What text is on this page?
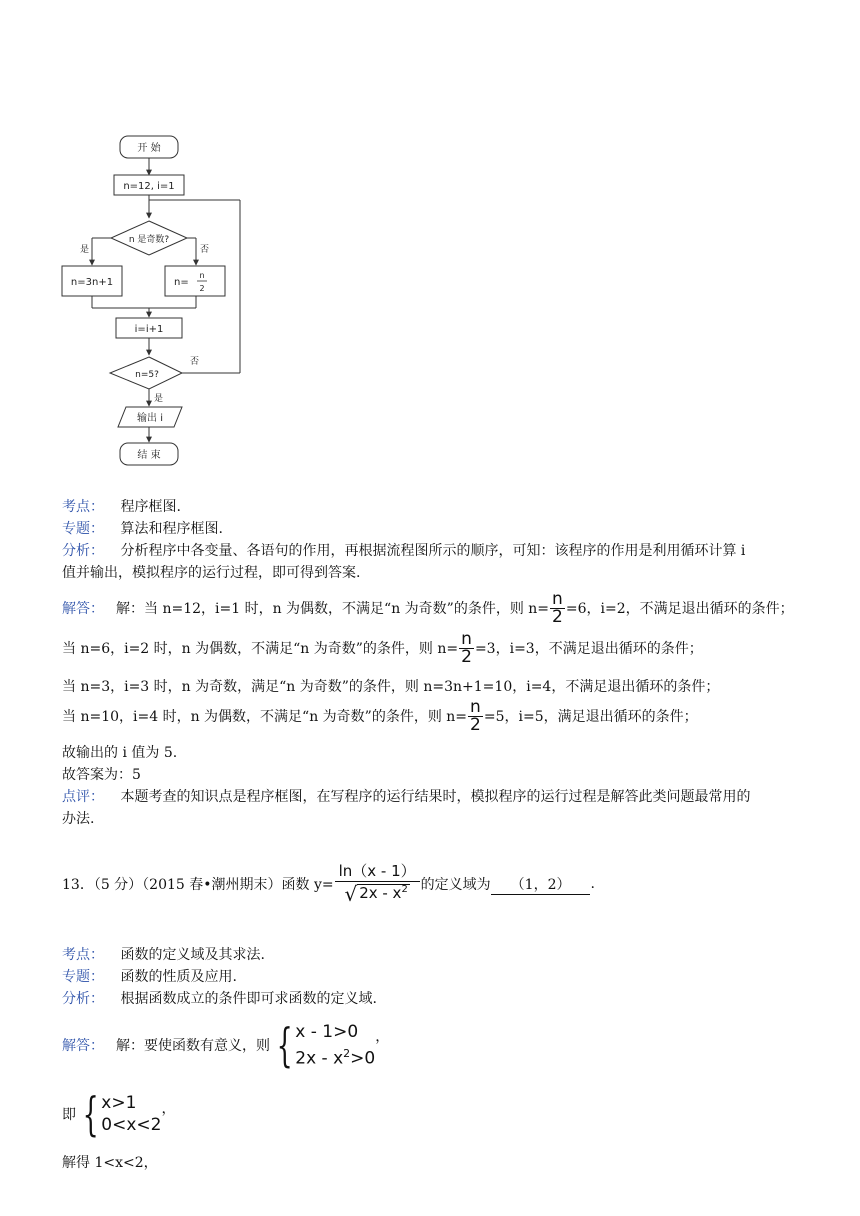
开 始
n=12, i=1
n 是奇数?
是	否
n=3n+1	n=
n
2
i=i+1
n=5?
否
是
输出 i
结 束
考点： 程序框图.
专题： 算法和程序框图.
分析： 分析程序中各变量、各语句的作用，再根据流程图所示的顺序，可知：该程序的作用是利用循环计算 i
值并输出，模拟程序的运行过程，即可得到答案.
解答： 解：当 n=12，i=1 时，n 为偶数，不满足“n 为奇数”的条件，则 $n= \frac{n}{2} =6$，i=2，不满足退出循环的条件；
当 n=6，i=2 时，n 为偶数，不满足“n 为奇数”的条件，则 $n= \frac{n}{2} =3$，i=3，不满足退出循环的条件；
当 n=3，i=3 时，n 为奇数，满足“n 为奇数”的条件，则 n=3n+1=10，i=4，不满足退出循环的条件；
当 n=10，i=4 时，n 为偶数，不满足“n 为奇数”的条件，则 $n= \frac{n}{2} =5$，i=5，满足退出循环的条件；
故输出的 i 值为 5.
故答案为：5
点评： 本题考查的知识点是程序框图，在写程序的运行结果时，模拟程序的运行过程是解答此类问题最常用的
办法.
13．（5 分）（2015 春•潮州期末）函数 $y= \frac{\ln(x - 1)}{√ 2x - x^2}$ 的定义域为	（1，2）	.
考点： 函数的定义域及其求法.
专题： 函数的性质及应用.
分析： 根据函数成立的条件即可求函数的定义域.
解答： 解：要使函数有意义，则 { x - 1>0
$2x - x^2>0$
，
即 { x>1
0<x<2
，
解得 1<x<2，
